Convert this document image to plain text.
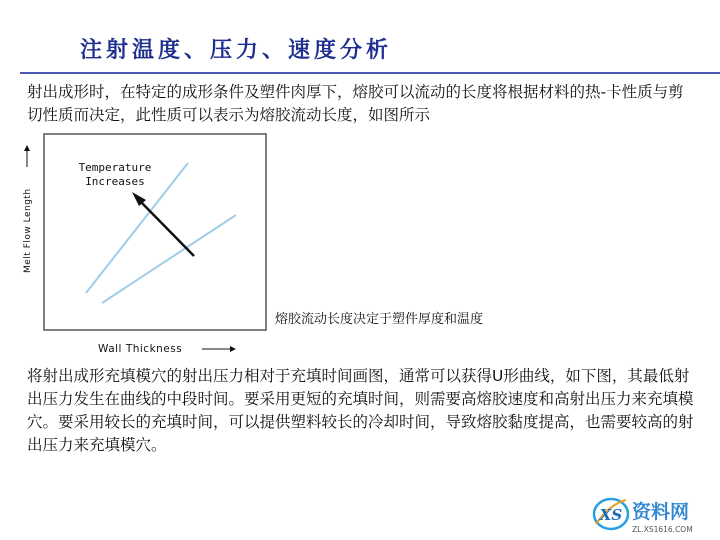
注射温度、压力、速度分析
射出成形时，在特定的成形条件及塑件肉厚下，熔胶可以流动的长度将根据材料的热-卡性质与剪切性质而决定，此性质可以表示为熔胶流动长度，如图所示
Temperature
Increases
Melt Flow Length
Wall Thickness
熔胶流动长度决定于塑件厚度和温度
将射出成形充填模穴的射出压力相对于充填时间画图，通常可以获得U形曲线，如下图，其最低射出压力发生在曲线的中段时间。要采用更短的充填时间，则需要高熔胶速度和高射出压力来充填模穴。要采用较长的充填时间，可以提供塑料较长的冷却时间，导致熔胶黏度提高，也需要较高的射出压力来充填模穴。
XS 资料网
ZL.XS1616.COM
